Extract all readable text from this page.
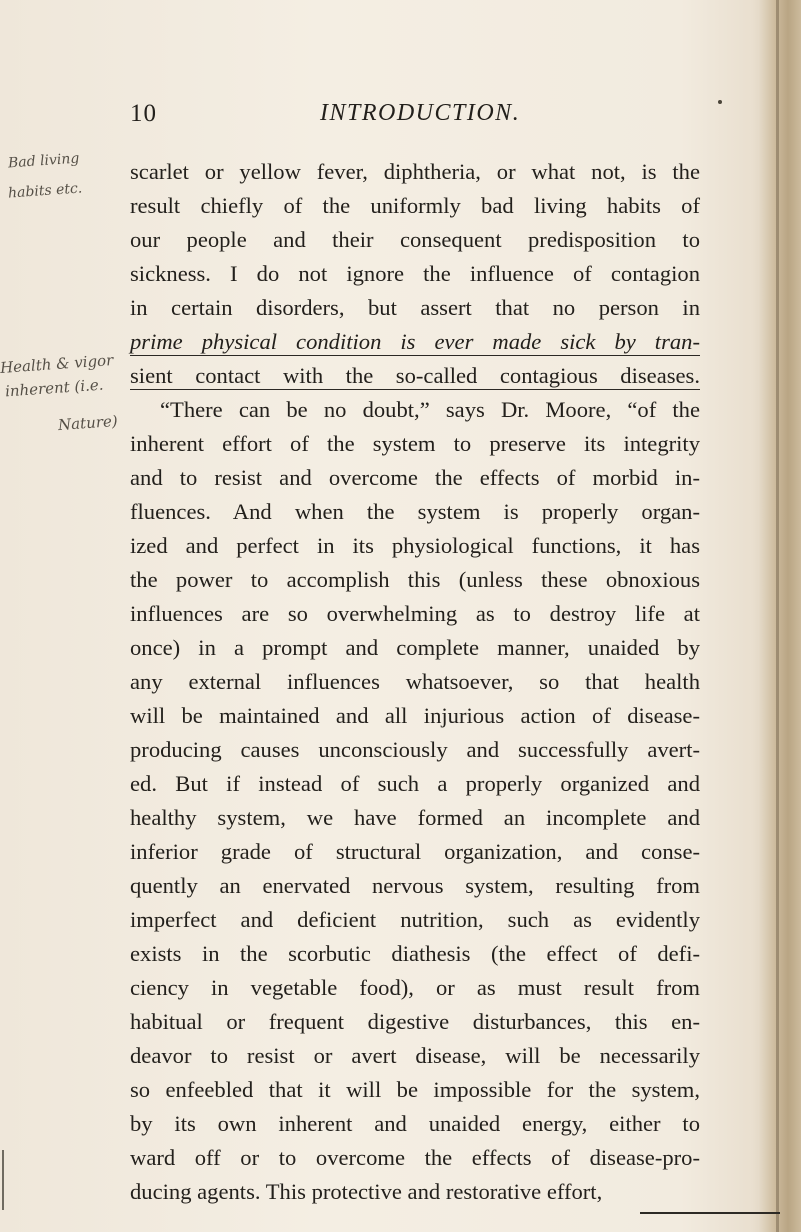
10	INTRODUCTION.
Bad living
habits etc.
Health & vigor
inherent (i.e.
Nature)
scarlet or yellow fever, diphtheria, or what not, is the
result chiefly of the uniformly bad living habits of
our people and their consequent predisposition to
sickness. I do not ignore the influence of contagion
in certain disorders, but assert that no person in
prime physical condition is ever made sick by tran-
sient contact with the so-called contagious diseases.
“There can be no doubt,” says Dr. Moore, “of the
inherent effort of the system to preserve its integrity
and to resist and overcome the effects of morbid in-
fluences. And when the system is properly organ-
ized and perfect in its physiological functions, it has
the power to accomplish this (unless these obnoxious
influences are so overwhelming as to destroy life at
once) in a prompt and complete manner, unaided by
any external influences whatsoever, so that health
will be maintained and all injurious action of disease-
producing causes unconsciously and successfully avert-
ed. But if instead of such a properly organized and
healthy system, we have formed an incomplete and
inferior grade of structural organization, and conse-
quently an enervated nervous system, resulting from
imperfect and deficient nutrition, such as evidently
exists in the scorbutic diathesis (the effect of defi-
ciency in vegetable food), or as must result from
habitual or frequent digestive disturbances, this en-
deavor to resist or avert disease, will be necessarily
so enfeebled that it will be impossible for the system,
by its own inherent and unaided energy, either to
ward off or to overcome the effects of disease-pro-
ducing agents. This protective and restorative effort,
